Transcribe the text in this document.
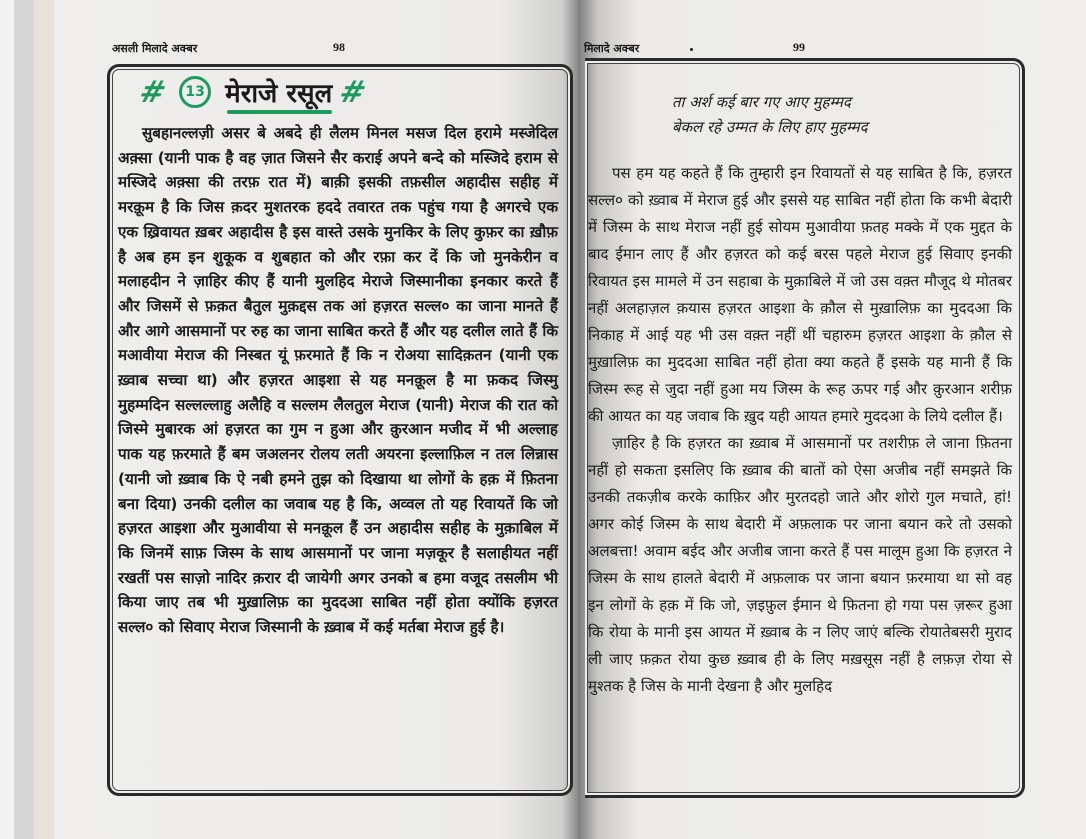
असली मिलादे अक्बर	98	मिलादे अक्बर	99
#	13 मेराजे रसूल #

सुबहानल्लज़ी असर बे अबदे ही लैलम मिनल मसज दिल हरामे मस्जेदिल अक़्सा (यानी पाक है वह ज़ात जिसने सैर कराई अपने बन्दे को मस्जिदे हराम से मस्जिदे अक़्सा की तरफ़ रात में) बाक़ी इसकी तफ़सील अहादीस सहीह में मरक़ूम है कि जिस क़दर मुशतरक हददे तवारत तक पहुंच गया है अगरचे एक एक ख़्रिवायत ख़बर अहादीस है इस वास्ते उसके मुनकिर के लिए कुफ़र का ख़ौफ़ है अब हम इन शुकूक व शुबहात को और रफ़ा कर दें कि जो मुनकेरीन व मलाहदीन ने ज़ाहिर कीए हैं यानी मुलहिद मेराजे जिस्मानीका इनकार करते हैं और जिसमें से फ़क़त बैतुल मुक़द्दस तक आं हज़रत सल्ल० का जाना मानते हैं और आगे आसमानों पर रुह का जाना साबित करते हैं और यह दलील लाते हैं कि मआवीया मेराज की निस्बत यूं फ़रमाते हैं कि न रोअया सादिक़तन (यानी एक ख़्वाब सच्चा था) और हज़रत आइशा से यह मनक़ूल है मा फ़कद जिस्मु मुहम्मदिन सल्लल्लाहु अलैहि व सल्लम लैलतुल मेराज (यानी) मेराज की रात को जिस्मे मुबारक आं हज़रत का गुम न हुआ और क़ुरआन मजीद में भी अल्लाह पाक यह फ़रमाते हैं बम जअलनर रोलय लती अयरना इल्लाफ़िल न तल लिन्नास (यानी जो ख़्वाब कि ऐ नबी हमने तुझ को दिखाया था लोगों के हक़ में फ़ितना बना दिया) उनकी दलील का जवाब यह है कि, अव्वल तो यह रिवायतें कि जो हज़रत आइशा और मुआवीया से मनक़ूल हैं उन अहादीस सहीह के मुक़ाबिल में कि जिनमें साफ़ जिस्म के साथ आसमानों पर जाना मज़कूर है सलाहीयत नहीं रखतीं पस साज़ो नादिर क़रार दी जायेगी अगर उनको ब हमा वजूद तसलीम भी किया जाए तब भी मुख़ालिफ़ का मुददआ साबित नहीं होता क्योंकि हज़रत सल्ल० को सिवाए मेराज जिस्मानी के ख़्वाब में कई मर्तबा मेराज हुई है।

ता अर्श कई बार गए आए मुहम्मद
बेकल रहे उम्मत के लिए हाए मुहम्मद

पस हम यह कहते हैं कि तुम्हारी इन रिवायतों से यह साबित है कि, हज़रत सल्ल० को ख़्वाब में मेराज हुई और इससे यह साबित नहीं होता कि कभी बेदारी में जिस्म के साथ मेराज नहीं हुई सोयम मुआवीया फ़तह मक्के में एक मुद्दत के बाद ईमान लाए हैं और हज़रत को कई बरस पहले मेराज हुई सिवाए इनकी रिवायत इस मामले में उन सहाबा के मुक़ाबिले में जो उस वक़्त मौजूद थे मोतबर नहीं अलहाज़ल क़यास हज़रत आइशा के क़ौल से मुख़ालिफ़ का मुददआ कि निकाह में आई यह भी उस वक़्त नहीं थीं चहारुम हज़रत आइशा के क़ौल से मुख़ालिफ़ का मुददआ साबित नहीं होता क्या कहते हैं इसके यह मानी हैं कि जिस्म रूह से जुदा नहीं हुआ मय जिस्म के रूह ऊपर गई और क़ुरआन शरीफ़ की आयत का यह जवाब कि ख़ुद यही आयत हमारे मुददआ के लिये दलील हैं।

ज़ाहिर है कि हज़रत का ख़्वाब में आसमानों पर तशरीफ़ ले जाना फ़ितना नहीं हो सकता इसलिए कि ख़्वाब की बातों को ऐसा अजीब नहीं समझते कि उनकी तकज़ीब करके काफ़िर और मुरतदहो जाते और शोरो गुल मचाते, हां! अगर कोई जिस्म के साथ बेदारी में अफ़लाक पर जाना बयान करे तो उसको अलबत्ता! अवाम बईद और अजीब जाना करते हैं पस मालूम हुआ कि हज़रत ने जिस्म के साथ हालते बेदारी में अफ़लाक पर जाना बयान फ़रमाया था सो वह इन लोगों के हक़ में कि जो, ज़इफ़ुल ईमान थे फ़ितना हो गया पस ज़रूर हुआ कि रोया के मानी इस आयत में ख़्वाब के न लिए जाएं बल्कि रोयातेबसरी मुराद ली जाए फ़क़त रोया कुछ ख़्वाब ही के लिए मख़सूस नहीं है लफ़ज़ रोया से मुश्तक है जिस के मानी देखना है और मुलहिद
